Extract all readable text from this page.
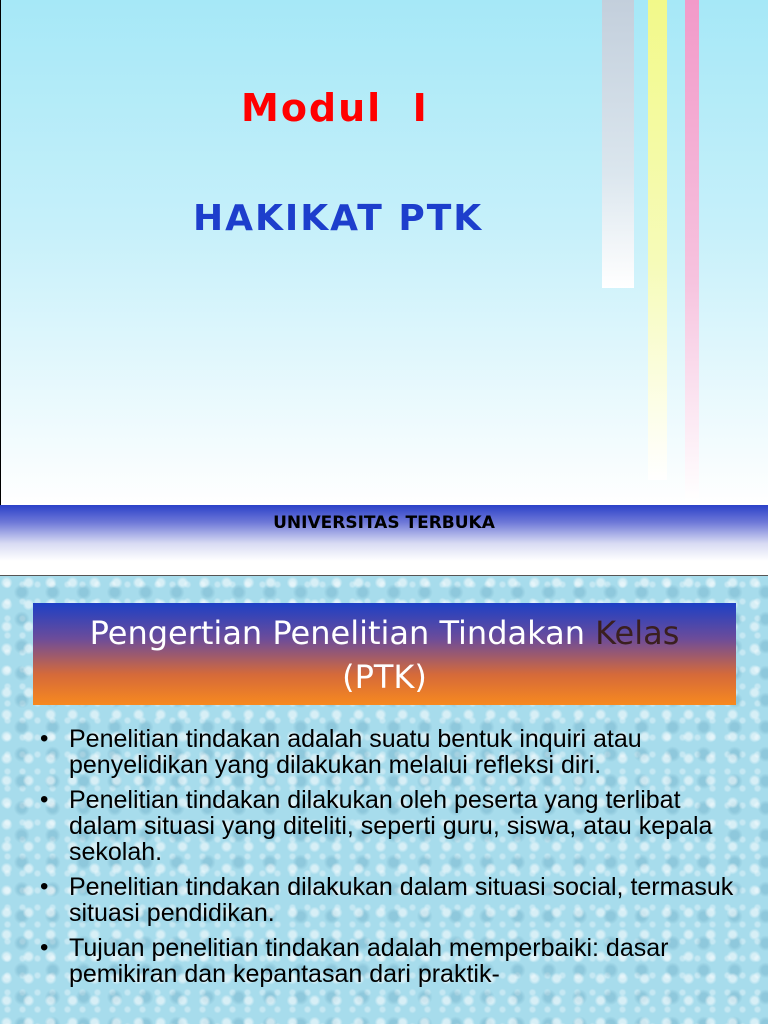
Modul  I
HAKIKAT PTK

UNIVERSITAS TERBUKA

Pengertian Penelitian Tindakan Kelas
(PTK)
• Penelitian tindakan adalah suatu bentuk inquiri atau penyelidikan yang dilakukan melalui refleksi diri.
• Penelitian tindakan dilakukan oleh peserta yang terlibat dalam situasi yang diteliti, seperti guru, siswa, atau kepala sekolah.
• Penelitian tindakan dilakukan dalam situasi social, termasuk situasi pendidikan.
• Tujuan penelitian tindakan adalah memperbaiki: dasar pemikiran dan kepantasan dari praktik-
